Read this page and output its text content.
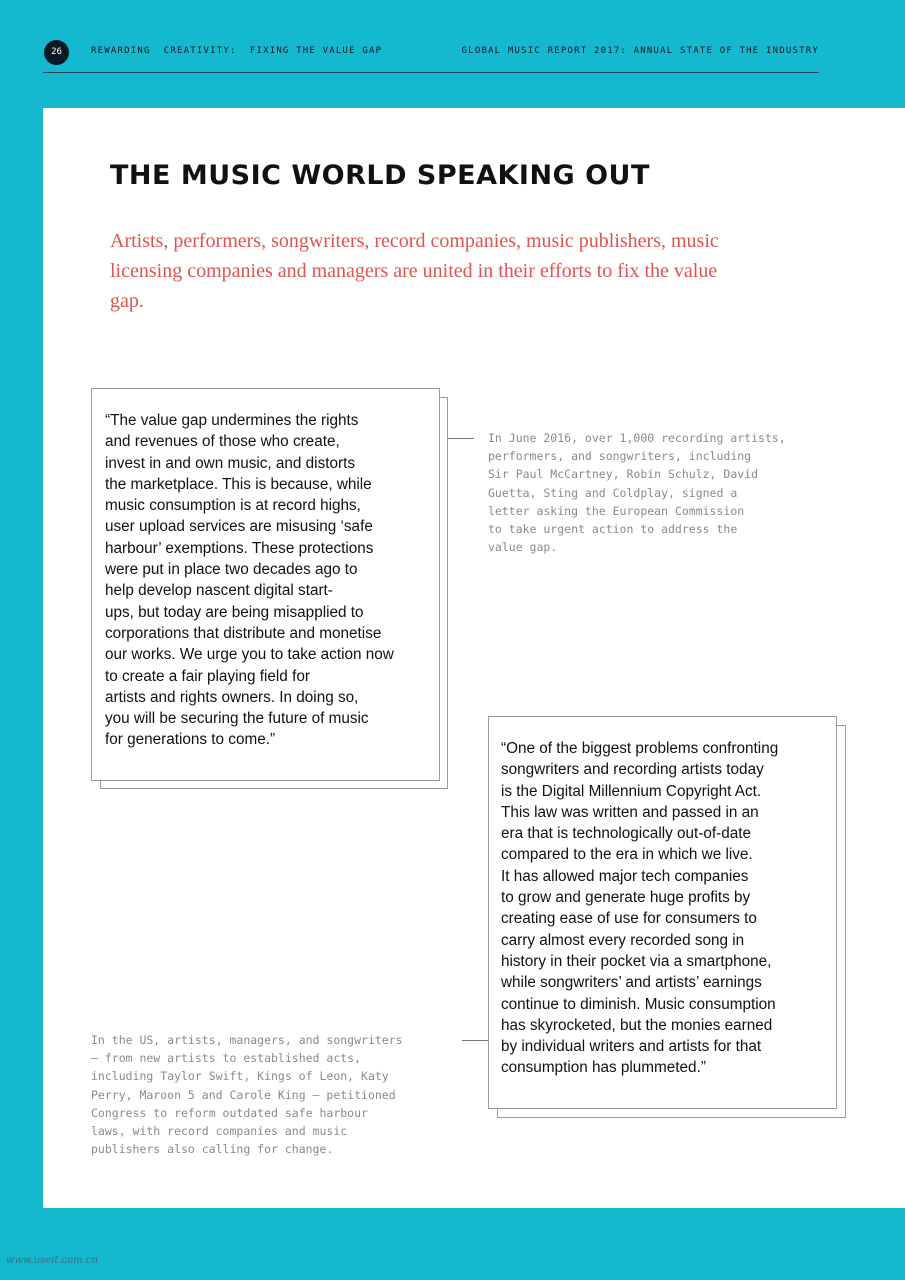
26	REWARDING  CREATIVITY:  FIXING THE VALUE GAP	GLOBAL MUSIC REPORT 2017: ANNUAL STATE OF THE INDUSTRY
THE MUSIC WORLD SPEAKING OUT

Artists, performers, songwriters, record companies, music publishers, music licensing companies and managers are united in their efforts to fix the value gap.

“The value gap undermines the rights
and revenues of those who create,
invest in and own music, and distorts
the marketplace. This is because, while
music consumption is at record highs,
user upload services are misusing ‘safe
harbour’ exemptions. These protections
were put in place two decades ago to
help develop nascent digital start-
ups, but today are being misapplied to
corporations that distribute and monetise
our works. We urge you to take action now
to create a fair playing field for
artists and rights owners. In doing so,
you will be securing the future of music
for generations to come.”

In June 2016, over 1,000 recording artists,
performers, and songwriters, including
Sir Paul McCartney, Robin Schulz, David
Guetta, Sting and Coldplay, signed a
letter asking the European Commission
to take urgent action to address the
value gap.

“One of the biggest problems confronting
songwriters and recording artists today
is the Digital Millennium Copyright Act.
This law was written and passed in an
era that is technologically out-of-date
compared to the era in which we live.
It has allowed major tech companies
to grow and generate huge profits by
creating ease of use for consumers to
carry almost every recorded song in
history in their pocket via a smartphone,
while songwriters’ and artists’ earnings
continue to diminish. Music consumption
has skyrocketed, but the monies earned
by individual writers and artists for that
consumption has plummeted.”

In the US, artists, managers, and songwriters
– from new artists to established acts,
including Taylor Swift, Kings of Leon, Katy
Perry, Maroon 5 and Carole King – petitioned
Congress to reform outdated safe harbour
laws, with record companies and music
publishers also calling for change.

www.useit.com.cn
